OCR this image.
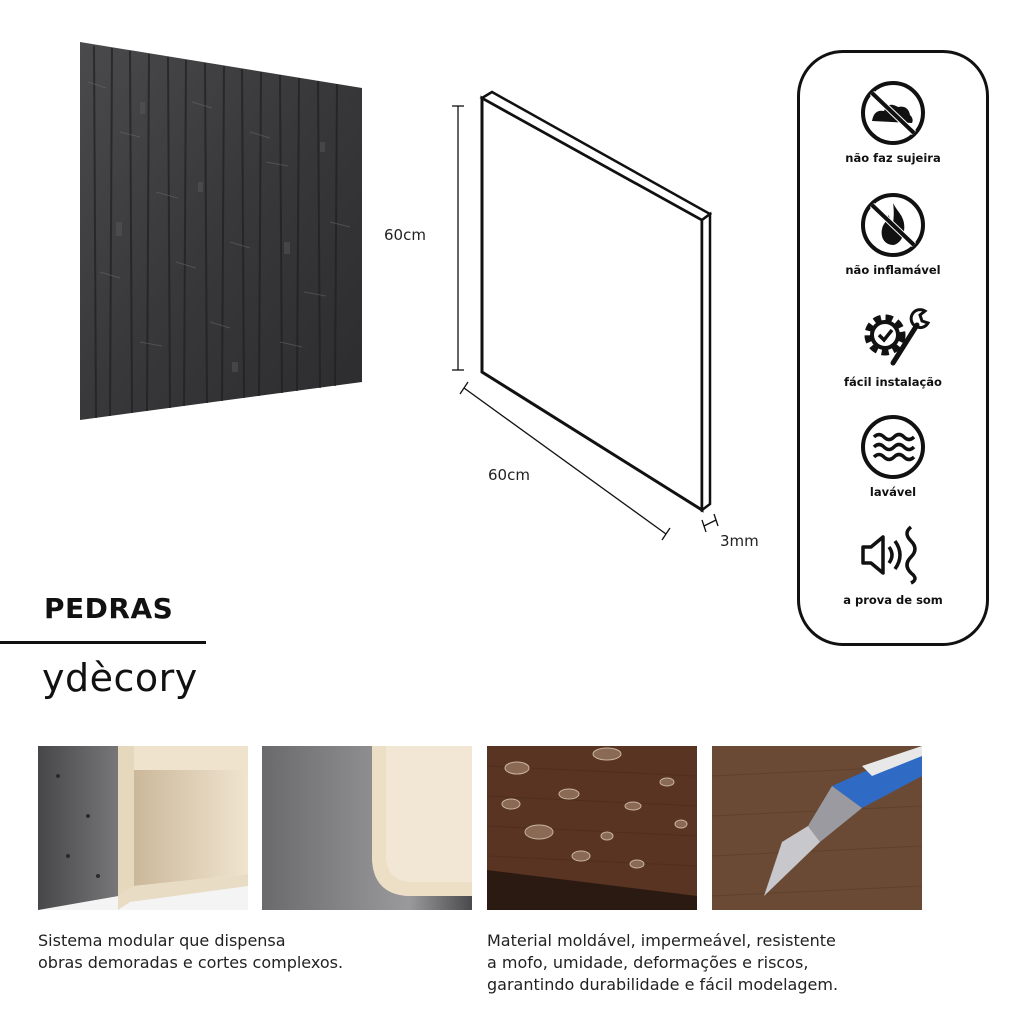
60cm
60cm
3mm
não faz sujeira
não inflamável
fácil instalação
lavável
a prova de som
PEDRAS
ydècory
Sistema modular que dispensa
obras demoradas e cortes complexos.
Material moldável, impermeável, resistente
a mofo, umidade, deformações e riscos,
garantindo durabilidade e fácil modelagem.
